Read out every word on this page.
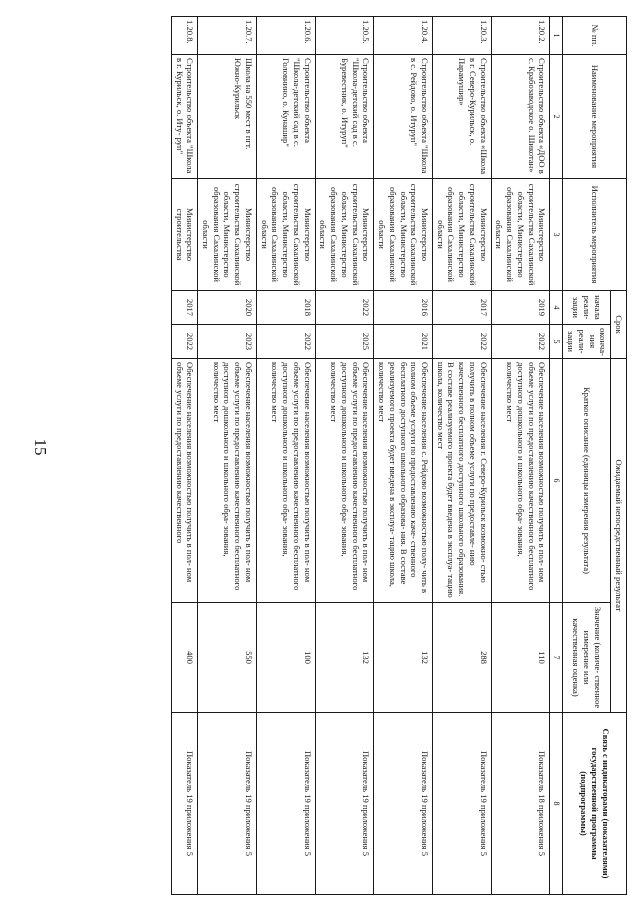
15
№ пп.	Наименование мероприятия	Исполнитель мероприятия	Срок		Ожидаемый непосредственный результат		Связь с индикаторами (показателями) государственной программы (подпрограммы)
			начала реали- зации	оконча- ния реали- зации	Краткое описание (единицы измерения результата)	Значение (количе- ственное измерение или качественная оценка)	

1	2	3	4	5	6	7	8
1.20.2.	Строительство объекта «ДОО в с. Крабозаводское о. Шикотан»	Министерство строительства Сахалинской области, Министерство образования Сахалинской области	2019	2022	Обеспечение населения возможностью получить в пол- ном объеме услуги по предоставлению качественного бесплатного доступного дошкольного и школьного обра- зования, количество мест	110	Показатель 18 приложения 5
1.20.3.	Строительство объекта «Школа в г. Северо-Курильск, о. Парамушир»	Министерство строительства Сахалинской области, Министерство образования Сахалинской области	2017	2022	Обеспечение населения г. Северо-Курильск возможно- стью получить в полном объеме услуги по предоставле- нию качественного бесплатного доступного школьного образования. В составе реализуемого проекта будет введена в эксплуа- тацию школа, количество мест	288	Показатель 19 приложения 5
1.20.4.	Строительство объекта "Школа в с. Рейдово, о. Итуруп"	Министерство строительства Сахалинской области, Министерство образования Сахалинской области	2016	2021	Обеспечение населения с. Рейдово возможностью полу- чить в полном объеме услуги по предоставлению каче- ственного бесплатного доступного школьного образова- ния. В составе реализуемого проекта будет введена в эксплуа- тацию школа, количество мест	132	Показатель 19 приложения 5
1.20.5.	Строительство объекта "Школа-детский сад в с. Буревестник, о. Итуруп"	Министерство строительства Сахалинской области, Министерство образования Сахалинской области	2022	2025	Обеспечение населения возможностью получить в пол- ном объеме услуги по предоставлению качественного бесплатного доступного дошкольного и школьного обра- зования, количество мест	132	Показатель 19 приложения 5
1.20.6.	Строительство объекта "Школа-детский сад в с. Головнино, о. Кунашир"	Министерство строительства Сахалинской области, Министерство образования Сахалинской области	2018	2022	Обеспечение населения возможностью получить в пол- ном объеме услуги по предоставлению качественного бесплатного доступного дошкольного и школьного обра- зования, количество мест	100	Показатель 19 приложения 5
1.20.7.	Школа на 550 мест в пгт. Южно-Курильск	Министерство строительства Сахалинской области, Министерство образования Сахалинской области	2020	2023	Обеспечение населения возможностью получить в пол- ном объеме услуги по предоставлению качественного бесплатного доступного дошкольного и школьного обра- зования, количество мест	550	Показатель 19 приложения 5
1.20.8.	Строительство объекта "Школа в г. Курильск, о. Иту- руп"	Министерство строительства	2017	2022	Обеспечение населения возможностью получить в пол- ном объеме услуги по предоставлению качественного	400	Показатель 19 приложения 5
